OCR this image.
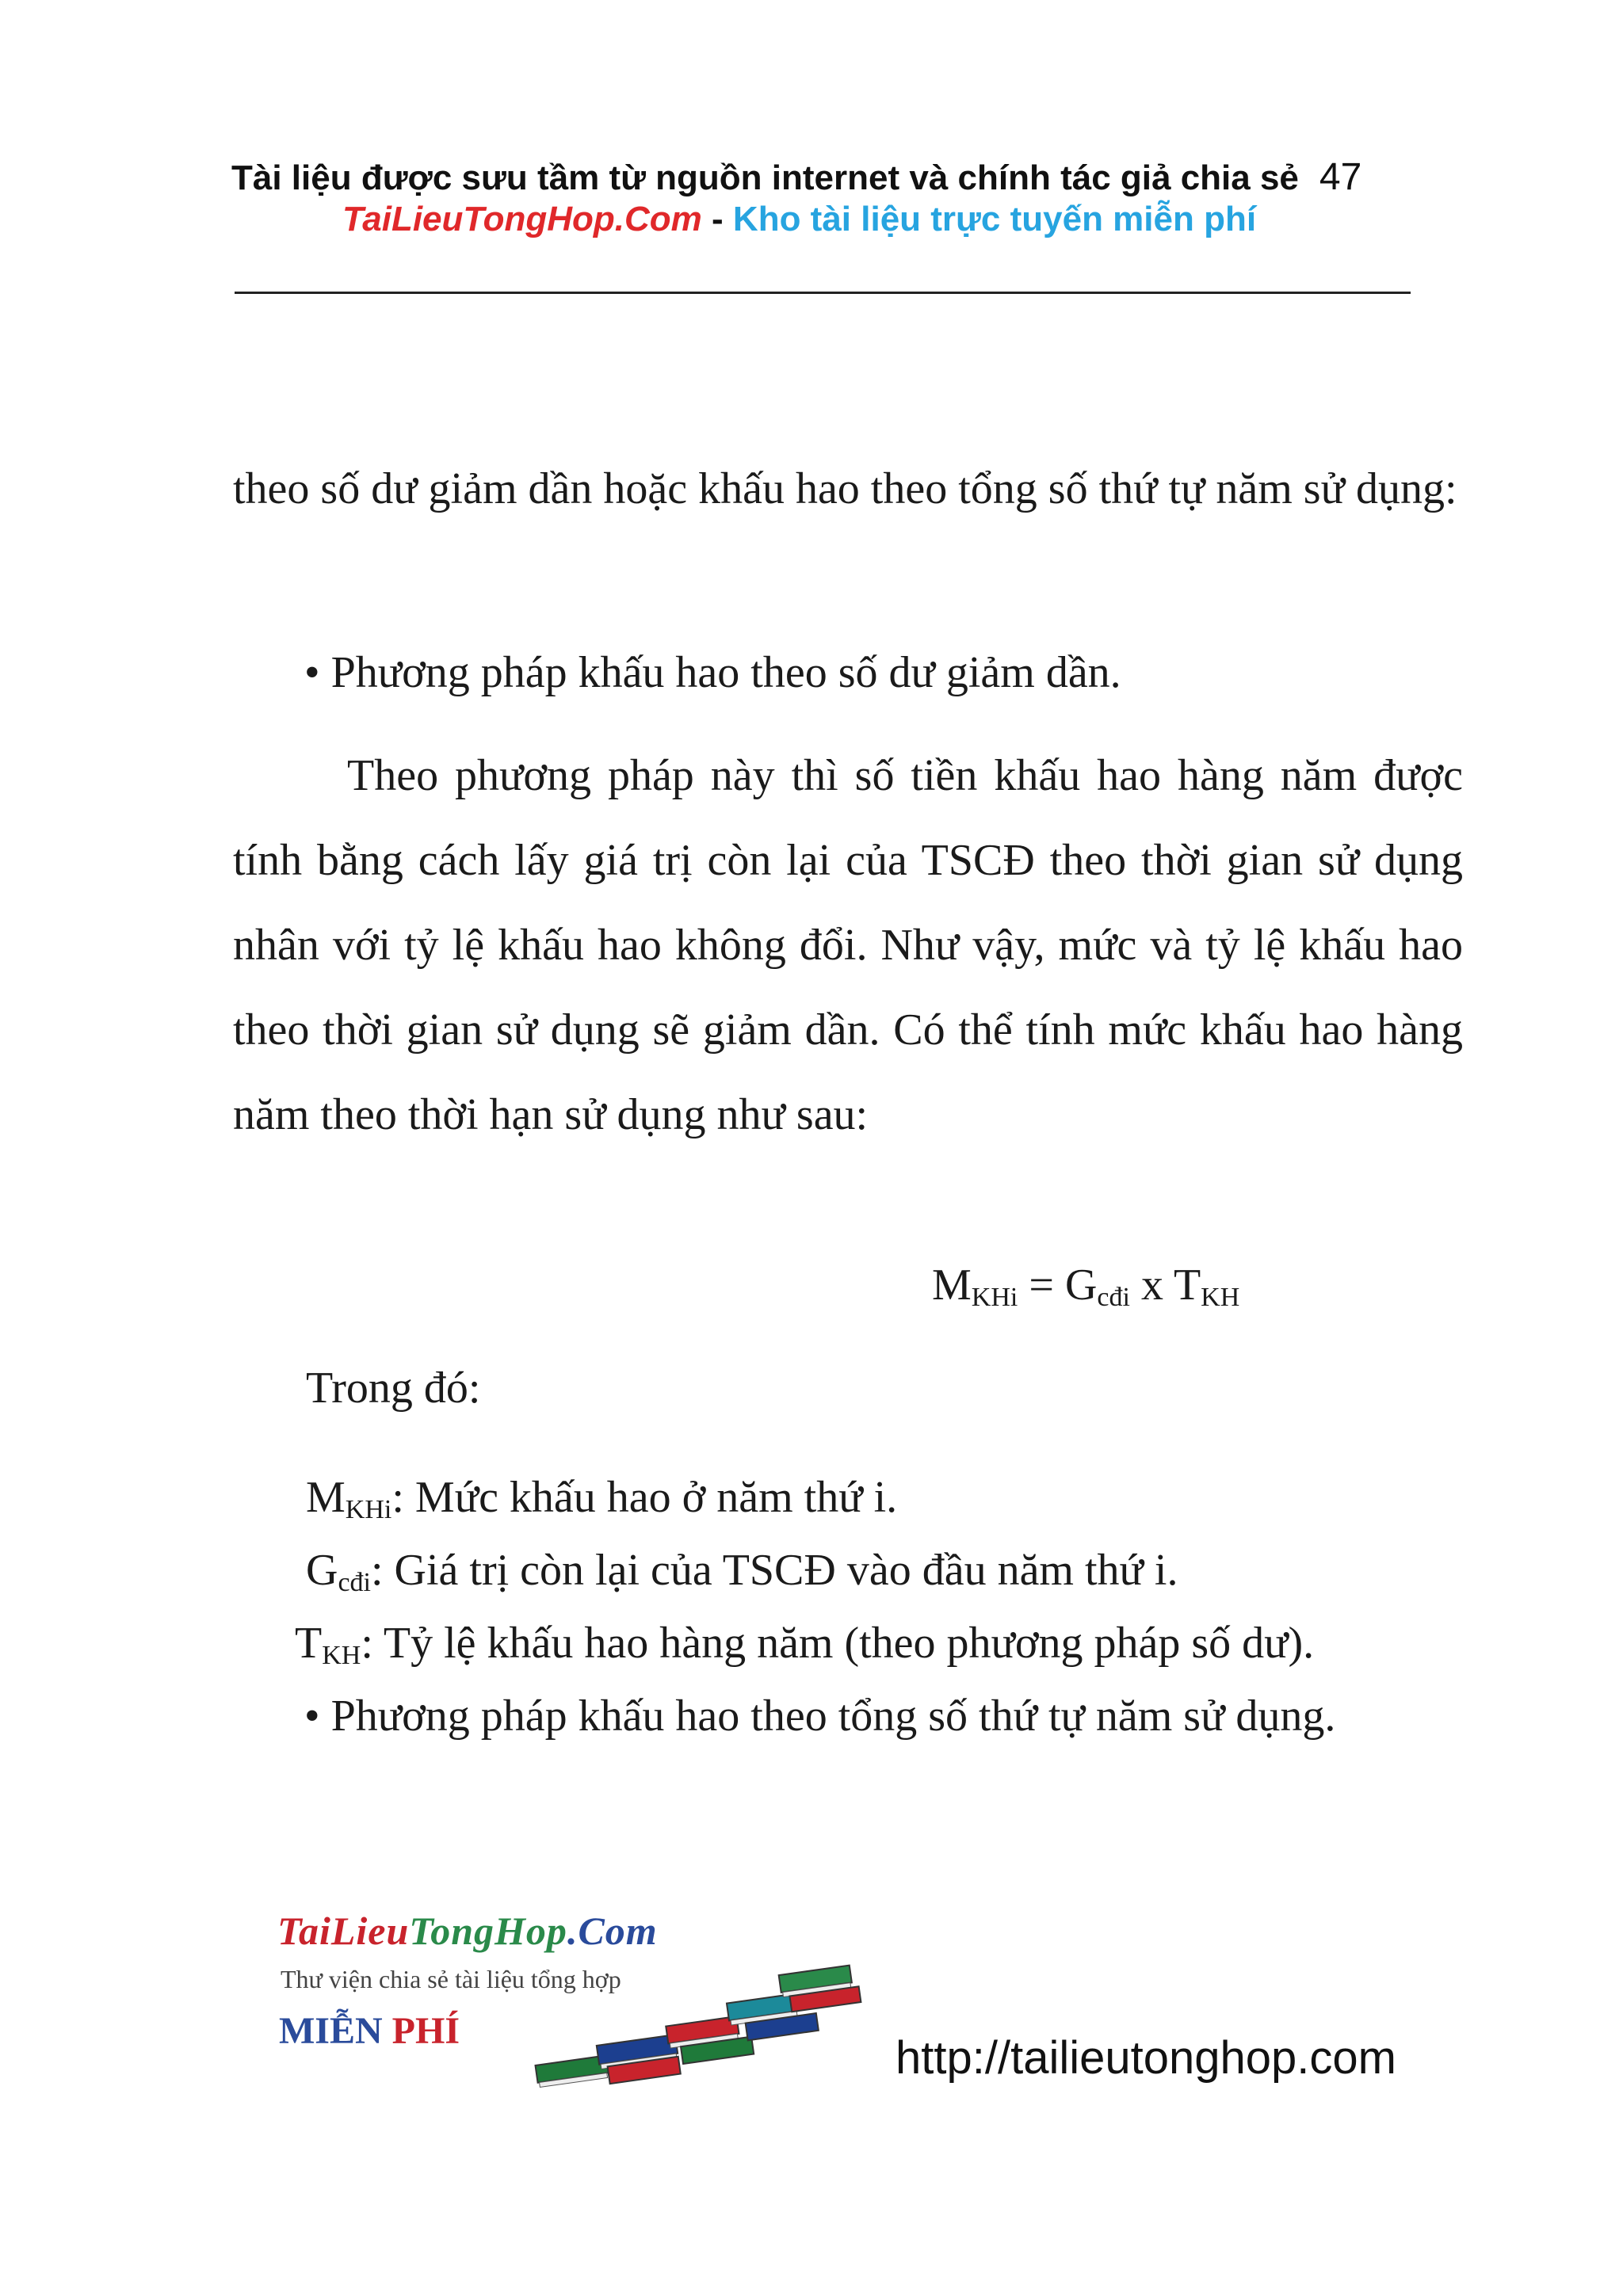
Tài liệu được sưu tầm từ nguồn internet và chính tác giả chia sẻ 47
TaiLieuTongHop.Com - Kho tài liệu trực tuyến miễn phí
theo số dư giảm dần hoặc khấu hao theo tổng số thứ tự năm sử dụng:
• Phương pháp khấu hao theo số dư giảm dần.
Theo phương pháp này thì số tiền khấu hao hàng năm được tính bằng cách lấy giá trị còn lại của TSCĐ theo thời gian sử dụng nhân với tỷ lệ khấu hao không đổi. Như vậy, mức và tỷ lệ khấu hao theo thời gian sử dụng sẽ giảm dần. Có thể tính mức khấu hao hàng năm theo thời hạn sử dụng như sau:
$M_{KHi} = G_{cđi}$ x $T_{KH}$
Trong đó:
$M_{KHi}$: Mức khấu hao ở năm thứ i.
$G_{cđi}$: Giá trị còn lại của TSCĐ vào đầu năm thứ i.
$T_{KH}$: Tỷ lệ khấu hao hàng năm (theo phương pháp số dư).
• Phương pháp khấu hao theo tổng số thứ tự năm sử dụng.
TaiLieuTongHop.Com
Thư viện chia sẻ tài liệu tổng hợp
MIỄN PHÍ
http://tailieutonghop.com
